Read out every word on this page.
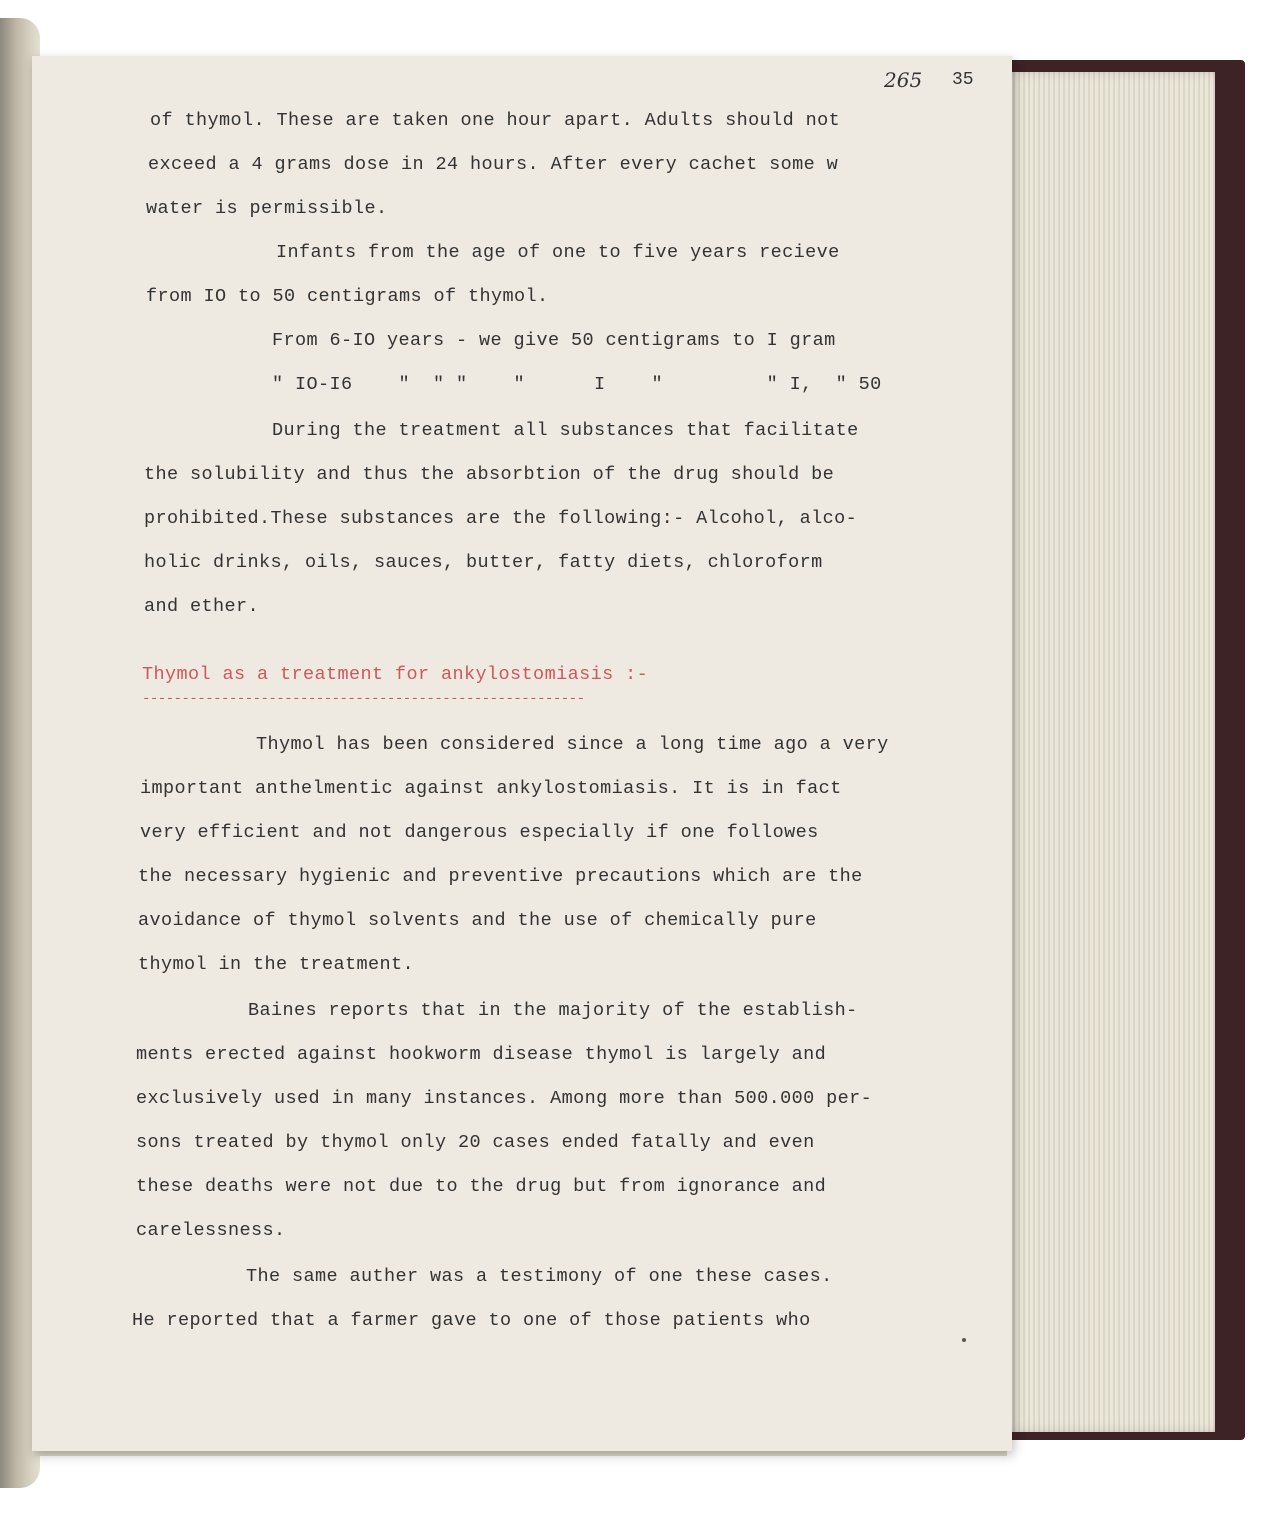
265 35
of thymol. These are taken one hour apart. Adults should not
exceed a 4 grams dose in 24 hours. After every cachet some w
water is permissible.
Infants from the age of one to five years recieve
from IO to 50 centigrams of thymol.
From 6-IO years - we give 50 centigrams to I gram
" IO-I6    "  " "    "      I    "         " I,  " 50
During the treatment all substances that facilitate
the solubility and thus the absorbtion of the drug should be
prohibited.These substances are the following:- Alcohol, alco-
holic drinks, oils, sauces, butter, fatty diets, chloroform
and ether.
Thymol as a treatment for ankylostomiasis :-
--------------------------------------------------------
Thymol has been considered since a long time ago a very
important anthelmentic against ankylostomiasis. It is in fact
very efficient and not dangerous especially if one followes
the necessary hygienic and preventive precautions which are the
avoidance of thymol solvents and the use of chemically pure
thymol in the treatment.
Baines reports that in the majority of the establish-
ments erected against hookworm disease thymol is largely and
exclusively used in many instances. Among more than 500.000 per-
sons treated by thymol only 20 cases ended fatally and even
these deaths were not due to the drug but from ignorance and
carelessness.
The same auther was a testimony of one these cases.
He reported that a farmer gave to one of those patients who
